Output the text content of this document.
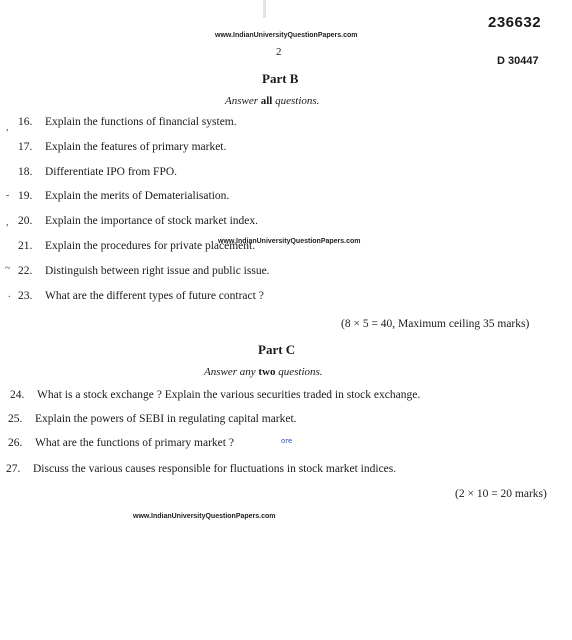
236632
www.IndianUniversityQuestionPapers.com
2
D 30447
Part B
Answer all questions.
16. Explain the functions of financial system.
,
17. Explain the features of primary market.
18. Differentiate IPO from FPO.
19. Explain the merits of Dematerialisation.
-
20. Explain the importance of stock market index.
,
www.IndianUniversityQuestionPapers.com
21. Explain the procedures for private placement.
22. Distinguish between right issue and public issue.
~
23. What are the different types of future contract ?
.
(8 × 5 = 40, Maximum ceiling 35 marks)
Part C
Answer any two questions.
24. What is a stock exchange ? Explain the various securities traded in stock exchange.
25. Explain the powers of SEBI in regulating capital market.
26. What are the functions of primary market ?	ore
27. Discuss the various causes responsible for fluctuations in stock market indices.
(2 × 10 = 20 marks)
www.IndianUniversityQuestionPapers.com
